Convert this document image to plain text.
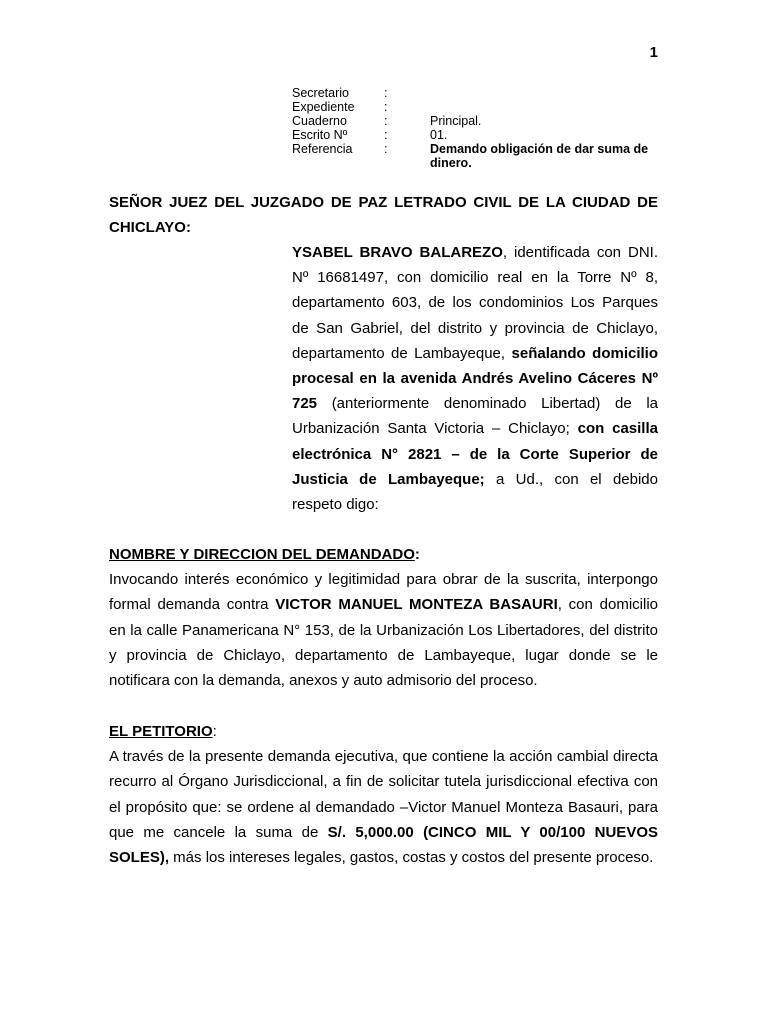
1
Secretario	:
Expediente	:
Cuaderno	:	Principal.
Escrito Nº	:	01.
Referencia	:	Demando obligación de dar suma de dinero.
SEÑOR JUEZ DEL JUZGADO DE PAZ LETRADO CIVIL DE LA CIUDAD DE CHICLAYO:
YSABEL BRAVO BALAREZO, identificada con DNI. Nº 16681497, con domicilio real en la Torre Nº 8, departamento 603, de los condominios Los Parques de San Gabriel, del distrito y provincia de Chiclayo, departamento de Lambayeque, señalando domicilio procesal en la avenida Andrés Avelino Cáceres Nº 725 (anteriormente denominado Libertad) de la Urbanización Santa Victoria – Chiclayo; con casilla electrónica N° 2821 – de la Corte Superior de Justicia de Lambayeque; a Ud., con el debido respeto digo:

NOMBRE Y DIRECCION DEL DEMANDADO:

Invocando interés económico y legitimidad para obrar de la suscrita, interpongo formal demanda contra VICTOR MANUEL MONTEZA BASAURI, con domicilio en la calle Panamericana N° 153, de la Urbanización Los Libertadores, del distrito y provincia de Chiclayo, departamento de Lambayeque, lugar donde se le notificara con la demanda, anexos y auto admisorio del proceso.

EL PETITORIO:

A través de la presente demanda ejecutiva, que contiene la acción cambial directa recurro al Órgano Jurisdiccional, a fin de solicitar tutela jurisdiccional efectiva con el propósito que: se ordene al demandado –Victor Manuel Monteza Basauri, para que me cancele la suma de S/. 5,000.00 (CINCO MIL Y 00/100 NUEVOS SOLES), más los intereses legales, gastos, costas y costos del presente proceso.
